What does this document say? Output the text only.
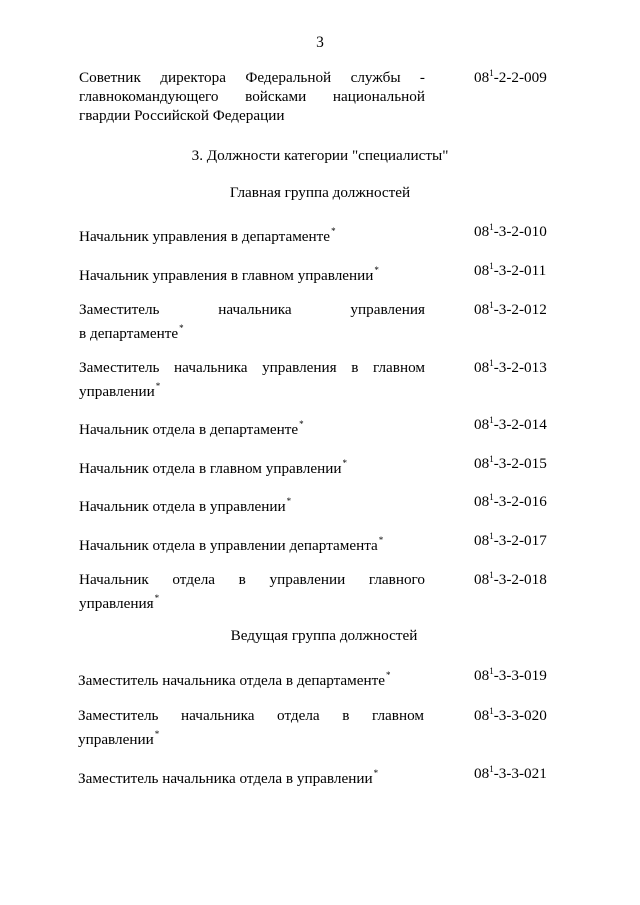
3
Советник директора Федеральной службы - главнокомандующего войсками национальной
гвардии Российской Федерации
$08^1-2-2-009$
3. Должности категории "специалисты"
Главная группа должностей
Начальник управления в департаменте*	$08^1-3-2-010$
Начальник управления в главном управлении*	$08^1-3-2-011$
Заместитель начальника управления
в департаменте*
$08^1-3-2-012$
Заместитель начальника управления в главном
управлении*
$08^1-3-2-013$
Начальник отдела в департаменте*	$08^1-3-2-014$
Начальник отдела в главном управлении*	$08^1-3-2-015$
Начальник отдела в управлении*	$08^1-3-2-016$
Начальник отдела в управлении департамента*	$08^1-3-2-017$
Начальник отдела в управлении главного
управления*
$08^1-3-2-018$
Заместитель начальника отдела в департаменте*	$08^1-3-3-019$
Заместитель начальника отдела в главном
управлении*
$08^1-3-3-020$
Заместитель начальника отдела в управлении*	$08^1-3-3-021$
Ведущая группа должностей
